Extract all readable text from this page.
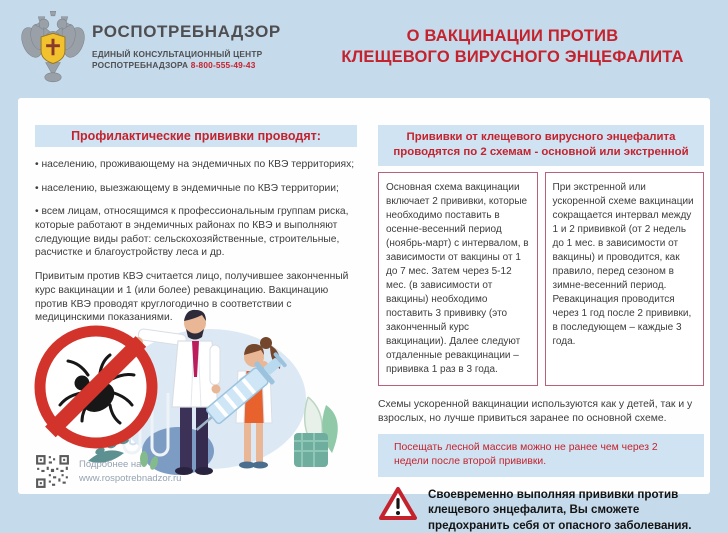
РОСПОТРЕБНАДЗОР
ЕДИНЫЙ КОНСУЛЬТАЦИОННЫЙ ЦЕНТР
РОСПОТРЕБНАДЗОРА 8-800-555-49-43
О ВАКЦИНАЦИИ ПРОТИВ
КЛЕЩЕВОГО ВИРУСНОГО ЭНЦЕФАЛИТА
Профилактические прививки проводят:
• населению, проживающему на эндемичных по КВЭ территориях;
• населению, выезжающему в эндемичные по КВЭ территории;
• всем лицам, относящимся к профессиональным группам риска, которые работают в эндемичных районах по КВЭ и выполняют следующие виды работ: сельскохозяйственные, строительные, расчистке и благоустройству леса и др.
Привитым против КВЭ считается лицо, получившее законченный курс вакцинации и 1 (или более) ревакцинацию. Вакцинацию против КВЭ проводят круглогодично в соответствии с медицинскими показаниями.
Подробнее на
www.rospotrebnadzor.ru
Прививки от клещевого вирусного энцефалита проводятся по 2 схемам - основной или экстренной
Основная схема вакцинации включает 2 прививки, которые необходимо поставить в осенне-весенний период (ноябрь-март) с интервалом, в зависимости от вакцины от 1 до 7 мес. Затем через 5-12 мес. (в зависимости от вакцины) необходимо поставить 3 прививку (это законченный курс вакцинации). Далее следуют отдаленные ревакцинации – прививка 1 раз в 3 года.
При экстренной или ускоренной схеме вакцинации сокращается интервал между 1 и 2 прививкой (от 2 недель до 1 мес. в зависимости от вакцины) и проводится, как правило, перед сезоном в зимне-весенний период. Ревакцинация проводится через 1 год после 2 прививки, в последующем – каждые 3 года.
Схемы ускоренной вакцинации используются как у детей, так и у взрослых, но лучше привиться заранее по основной схеме.
Посещать лесной массив можно не ранее чем через 2 недели после второй прививки.
Своевременно выполняя прививки против клещевого энцефалита, Вы сможете предохранить себя от опасного заболевания.
